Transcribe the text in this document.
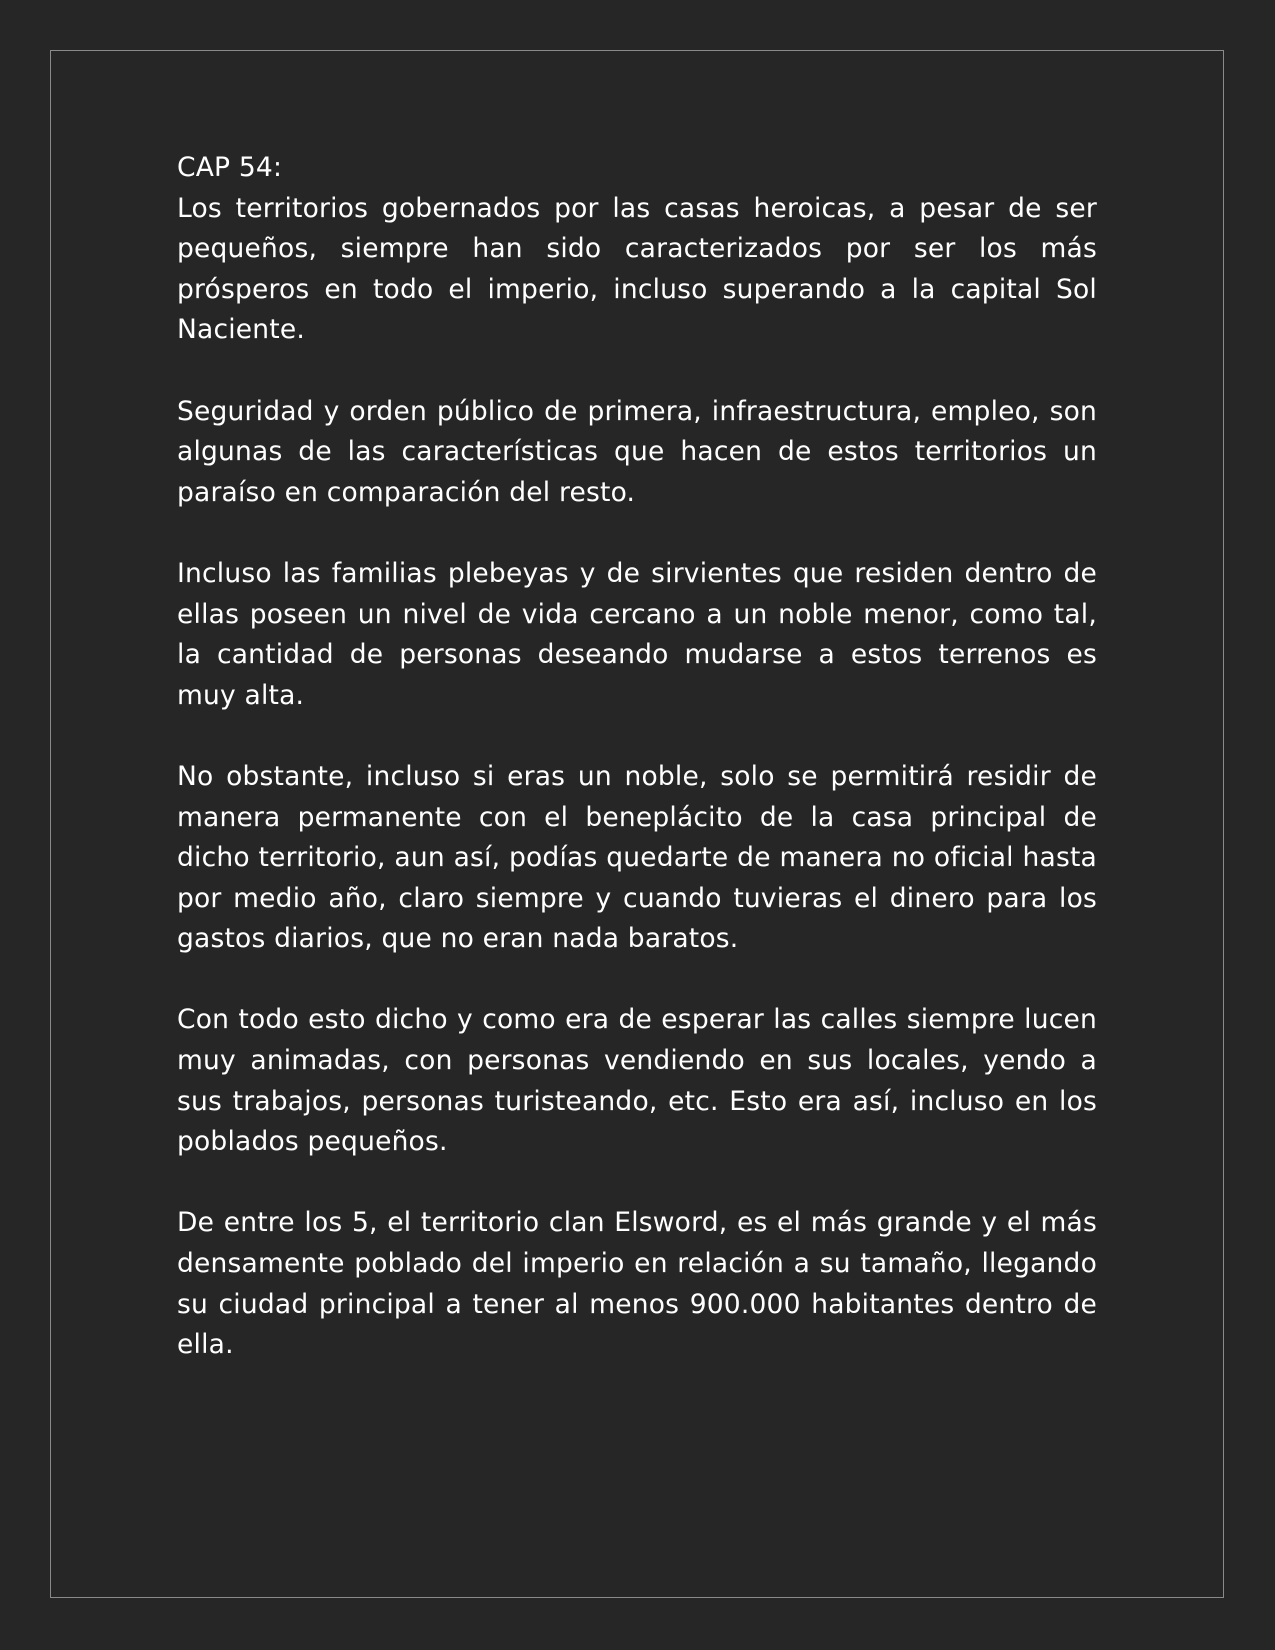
CAP 54:

Los territorios gobernados por las casas heroicas, a pesar de ser pequeños, siempre han sido caracterizados por ser los más prósperos en todo el imperio, incluso superando a la capital Sol Naciente.

Seguridad y orden público de primera, infraestructura, empleo, son algunas de las características que hacen de estos territorios un paraíso en comparación del resto.

Incluso las familias plebeyas y de sirvientes que residen dentro de ellas poseen un nivel de vida cercano a un noble menor, como tal, la cantidad de personas deseando mudarse a estos terrenos es muy alta.

No obstante, incluso si eras un noble, solo se permitirá residir de manera permanente con el beneplácito de la casa principal de dicho territorio, aun así, podías quedarte de manera no oficial hasta por medio año, claro siempre y cuando tuvieras el dinero para los gastos diarios, que no eran nada baratos.

Con todo esto dicho y como era de esperar las calles siempre lucen muy animadas, con personas vendiendo en sus locales, yendo a sus trabajos, personas turisteando, etc. Esto era así, incluso en los poblados pequeños.

De entre los 5, el territorio clan Elsword, es el más grande y el más densamente poblado del imperio en relación a su tamaño, llegando su ciudad principal a tener al menos 900.000 habitantes dentro de ella.
